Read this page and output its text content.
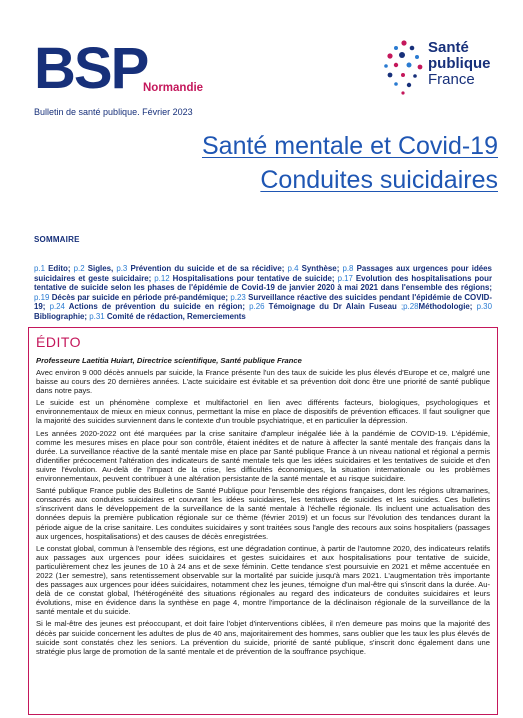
BSP
Normandie
Bulletin de santé publique. Février 2023
Santé
publique
France
Santé mentale et Covid-19
Conduites suicidaires
SOMMAIRE
p.1 Edito; p.2 Sigles, p.3 Prévention du suicide et de sa récidive; p.4 Synthèse; p.8 Passages aux urgences pour idées suicidaires et geste suicidaire; p.12 Hospitalisations pour tentative de suicide; p.17 Evolution des hospitalisations pour tentative de suicide selon les phases de l'épidémie de Covid-19 de janvier 2020 à mai 2021 dans l'ensemble des régions; p.19 Décès par suicide en période pré-pandémique; p.23 Surveillance réactive des suicides pendant l'épidémie de COVID-19; p.24 Actions de prévention du suicide en région; p.26 Témoignage du Dr Alain Fuseau ;p.28Méthodologie; p.30 Bibliographie; p.31 Comité de rédaction, Remerciements
ÉDITO
Professeure Laetitia Huiart, Directrice scientifique, Santé publique France

Avec environ 9 000 décès annuels par suicide, la France présente l'un des taux de suicide les plus élevés d'Europe et ce, malgré une baisse au cours des 20 dernières années. L'acte suicidaire est évitable et sa prévention doit donc être une priorité de santé publique dans notre pays.

Le suicide est un phénomène complexe et multifactoriel en lien avec différents facteurs, biologiques, psychologiques et environnementaux de mieux en mieux connus, permettant la mise en place de dispositifs de prévention efficaces. Il faut souligner que la majorité des suicides surviennent dans le contexte d'un trouble psychiatrique, et en particulier la dépression.

Les années 2020-2022 ont été marquées par la crise sanitaire d'ampleur inégalée liée à la pandémie de COVID-19. L'épidémie, comme les mesures mises en place pour son contrôle, étaient inédites et de nature à affecter la santé mentale des français dans la durée. La surveillance réactive de la santé mentale mise en place par Santé publique France à un niveau national et régional a permis d'identifier précocement l'altération des indicateurs de santé mentale tels que les idées suicidaires et les tentatives de suicide et d'en suivre l'évolution. Au-delà de l'impact de la crise, les difficultés économiques, la situation internationale ou les problèmes environnementaux, peuvent contribuer à une altération persistante de la santé mentale et au risque suicidaire.

Santé publique France publie des Bulletins de Santé Publique pour l'ensemble des régions françaises, dont les régions ultramarines, consacrés aux conduites suicidaires et couvrant les idées suicidaires, les tentatives de suicides et les suicides. Ces bulletins s'inscrivent dans le développement de la surveillance de la santé mentale à l'échelle régionale. Ils incluent une actualisation des données depuis la première publication régionale sur ce thème (février 2019) et un focus sur l'évolution des tendances durant la période aigue de la crise sanitaire. Les conduites suicidaires y sont traitées sous l'angle des recours aux soins hospitaliers (passages aux urgences, hospitalisations) et des causes de décès enregistrées.

Le constat global, commun à l'ensemble des régions, est une dégradation continue, à partir de l'automne 2020, des indicateurs relatifs aux passages aux urgences pour idées suicidaires et gestes suicidaires et aux hospitalisations pour tentative de suicide, particulièrement chez les jeunes de 10 à 24 ans et de sexe féminin. Cette tendance s'est poursuivie en 2021 et même accentuée en 2022 (1er semestre), sans retentissement observable sur la mortalité par suicide jusqu'à mars 2021. L'augmentation très importante des passages aux urgences pour idées suicidaires, notamment chez les jeunes, témoigne d'un mal-être qui s'inscrit dans la durée. Au-delà de ce constat global, l'hétérogénéité des situations régionales au regard des indicateurs de conduites suicidaires et leurs évolutions, mise en évidence dans la synthèse en page 4, montre l'importance de la déclinaison régionale de la surveillance de la santé mentale et du suicide.

Si le mal-être des jeunes est préoccupant, et doit faire l'objet d'interventions ciblées, il n'en demeure pas moins que la majorité des décès par suicide concernent les adultes de plus de 40 ans, majoritairement des hommes, sans oublier que les taux les plus élevés de suicide sont constatés chez les seniors. La prévention du suicide, priorité de santé publique, s'inscrit donc également dans une stratégie plus large de promotion de la santé mentale et de prévention de la souffrance psychique.
